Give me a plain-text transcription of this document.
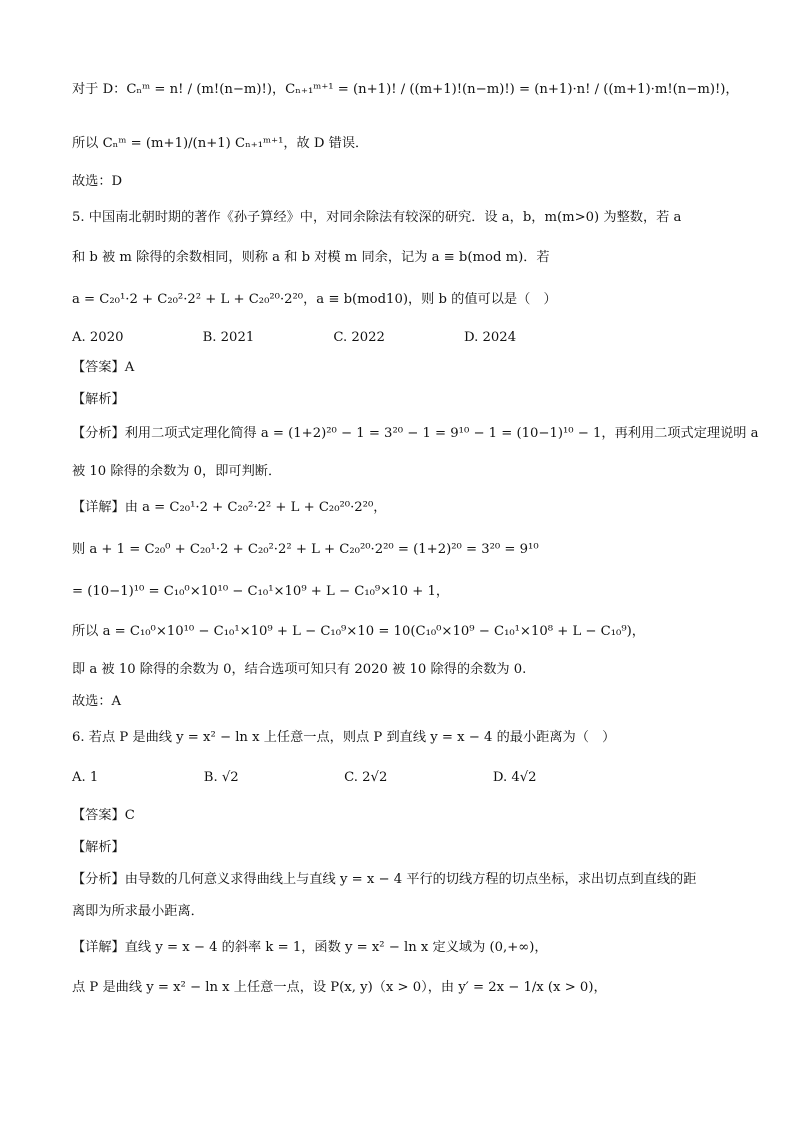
对于 D：Cₙᵐ = n! / (m!(n−m)!)，Cₙ₊₁ᵐ⁺¹ = (n+1)! / ((m+1)!(n−m)!) = (n+1)·n! / ((m+1)·m!(n−m)!)，
所以 Cₙᵐ = (m+1)/(n+1) Cₙ₊₁ᵐ⁺¹，故 D 错误．
故选：D
5. 中国南北朝时期的著作《孙子算经》中，对同余除法有较深的研究．设 a，b，m(m>0) 为整数，若 a
和 b 被 m 除得的余数相同，则称 a 和 b 对模 m 同余，记为 a ≡ b(mod m)．若
a = C₂₀¹·2 + C₂₀²·2² + L + C₂₀²⁰·2²⁰，a ≡ b(mod10)，则 b 的值可以是（　）
A. 2020　　　　　　B. 2021　　　　　　C. 2022　　　　　　D. 2024
【答案】A
【解析】
【分析】利用二项式定理化简得 a = (1+2)²⁰ − 1 = 3²⁰ − 1 = 9¹⁰ − 1 = (10−1)¹⁰ − 1，再利用二项式定理说明 a
被 10 除得的余数为 0，即可判断．
【详解】由 a = C₂₀¹·2 + C₂₀²·2² + L + C₂₀²⁰·2²⁰，
则 a + 1 = C₂₀⁰ + C₂₀¹·2 + C₂₀²·2² + L + C₂₀²⁰·2²⁰ = (1+2)²⁰ = 3²⁰ = 9¹⁰
= (10−1)¹⁰ = C₁₀⁰×10¹⁰ − C₁₀¹×10⁹ + L − C₁₀⁹×10 + 1，
所以 a = C₁₀⁰×10¹⁰ − C₁₀¹×10⁹ + L − C₁₀⁹×10 = 10(C₁₀⁰×10⁹ − C₁₀¹×10⁸ + L − C₁₀⁹)，
即 a 被 10 除得的余数为 0，结合选项可知只有 2020 被 10 除得的余数为 0.
故选：A
6. 若点 P 是曲线 y = x² − ln x 上任意一点，则点 P 到直线 y = x − 4 的最小距离为（　）
A. 1　　　　　　　　B. √2　　　　　　　　C. 2√2　　　　　　　　D. 4√2
【答案】C
【解析】
【分析】由导数的几何意义求得曲线上与直线 y = x − 4 平行的切线方程的切点坐标，求出切点到直线的距
离即为所求最小距离．
【详解】直线 y = x − 4 的斜率 k = 1，函数 y = x² − ln x 定义域为 (0,+∞)，
点 P 是曲线 y = x² − ln x 上任意一点，设 P(x, y)（x > 0），由 y′ = 2x − 1/x (x > 0)，
